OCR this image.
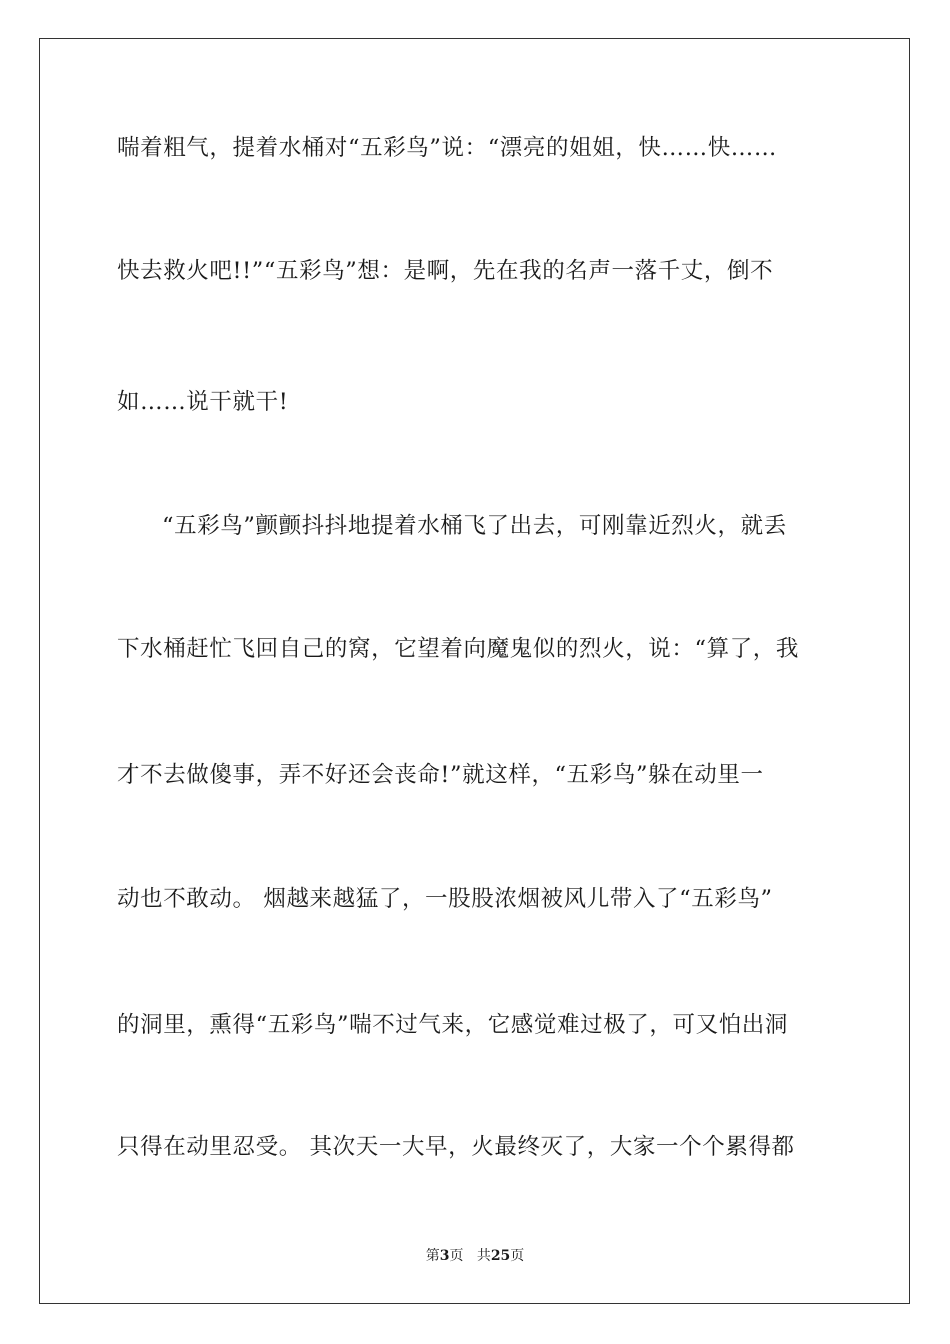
喘着粗气，提着水桶对“五彩鸟”说：“漂亮的姐姐，快……快……
快去救火吧!!”“五彩鸟”想：是啊，先在我的名声一落千丈，倒不
如……说干就干!
“五彩鸟”颤颤抖抖地提着水桶飞了出去，可刚靠近烈火，就丢
下水桶赶忙飞回自己的窝，它望着向魔鬼似的烈火，说：“算了，我
才不去做傻事，弄不好还会丧命!”就这样，“五彩鸟”躲在动里一
动也不敢动。 烟越来越猛了，一股股浓烟被风儿带入了“五彩鸟”
的洞里，熏得“五彩鸟”喘不过气来，它感觉难过极了，可又怕出洞
只得在动里忍受。 其次天一大早，火最终灭了，大家一个个累得都
第3页 共25页
